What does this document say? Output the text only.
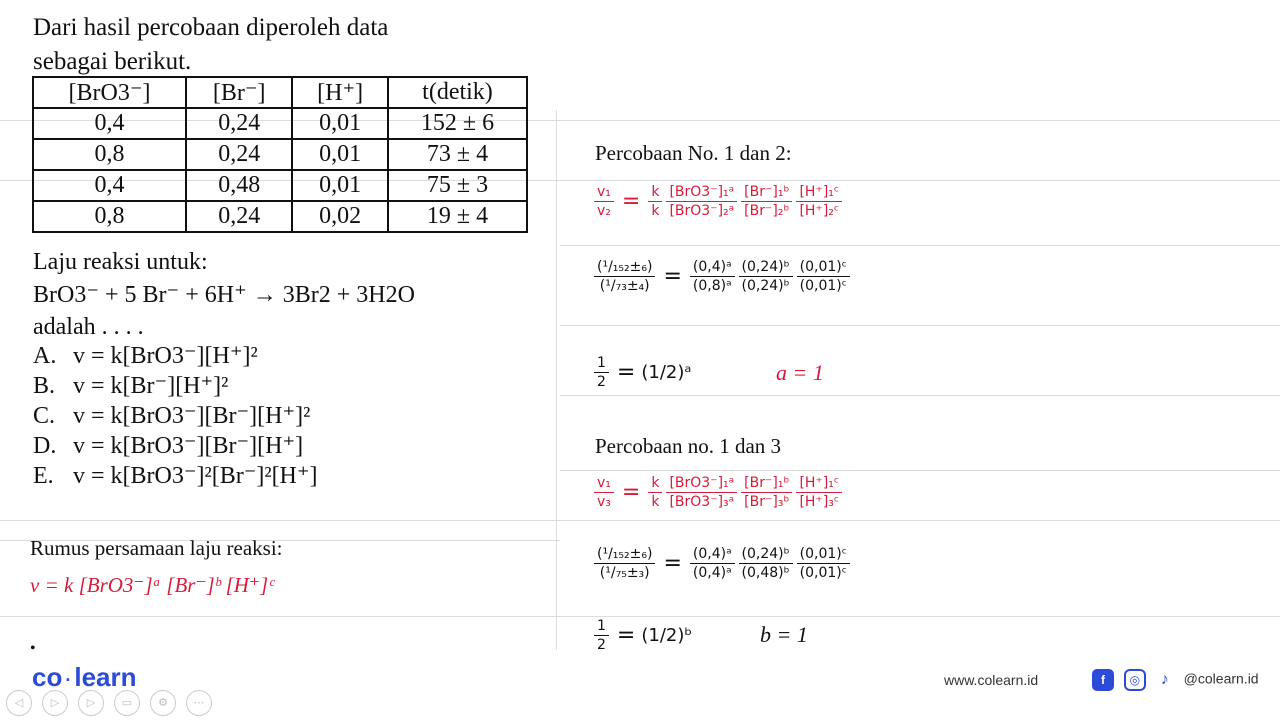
Dari hasil percobaan diperoleh data
sebagai berikut.
[BrO3⁻]	[Br⁻]	[H⁺]	t(detik)
0,4	0,24	0,01	152 ± 6
0,8	0,24	0,01	73 ± 4
0,4	0,48	0,01	75 ± 3
0,8	0,24	0,02	19 ± 4
Laju reaksi untuk:
BrO3⁻ + 5 Br⁻ + 6H⁺ → 3Br2 + 3H2O
adalah . . . .
A. v = k[BrO3⁻][H⁺]²
B. v = k[Br⁻][H⁺]²
C. v = k[BrO3⁻][Br⁻][H⁺]²
D. v = k[BrO3⁻][Br⁻][H⁺]
E. v = k[BrO3⁻]²[Br⁻]²[H⁺]
Rumus persamaan laju reaksi:
v = k [BrO3⁻]ᵃ [Br⁻]ᵇ [H⁺]ᶜ
•
Percobaan No. 1 dan 2:
$\frac{\text{v₁}}{\text{v₂}} = \frac{k}{k} \frac{\text{[BrO3⁻]₁ᵃ}}{\text{[BrO3⁻]₂ᵃ}} \frac{\text{[Br⁻]₁ᵇ}}{\text{[Br⁻]₂ᵇ}} \frac{\text{[H⁺]₁ᶜ}}{\text{[H⁺]₂ᶜ}}$
$\frac{\text{(¹/₁₅₂±₆)}}{\text{(¹/₇₃±₄)}} = \frac{\text{(0,4)ᵃ}}{\text{(0,8)ᵃ}} \frac{\text{(0,24)ᵇ}}{\text{(0,24)ᵇ}} \frac{\text{(0,01)ᶜ}}{\text{(0,01)ᶜ}}$
$\frac{1}{2}$ = (1/2)ᵃ	a = 1
Percobaan no. 1 dan 3
$\frac{\text{v₁}}{\text{v₃}} = \frac{k}{k} \frac{\text{[BrO3⁻]₁ᵃ}}{\text{[BrO3⁻]₃ᵃ}} \frac{\text{[Br⁻]₁ᵇ}}{\text{[Br⁻]₃ᵇ}} \frac{\text{[H⁺]₁ᶜ}}{\text{[H⁺]₃ᶜ}}$
$\frac{\text{(¹/₁₅₂±₆)}}{\text{(¹/₇₅±₃)}} = \frac{\text{(0,4)ᵃ}}{\text{(0,4)ᵃ}} \frac{\text{(0,24)ᵇ}}{\text{(0,48)ᵇ}} \frac{\text{(0,01)ᶜ}}{\text{(0,01)ᶜ}}$
$\frac{1}{2}$ = (1/2)ᵇ	b = 1
co · learn
◁	▷	▷ ▭ ⚙ ⋯
www.colearn.id	f ◎ ♪ @colearn.id
